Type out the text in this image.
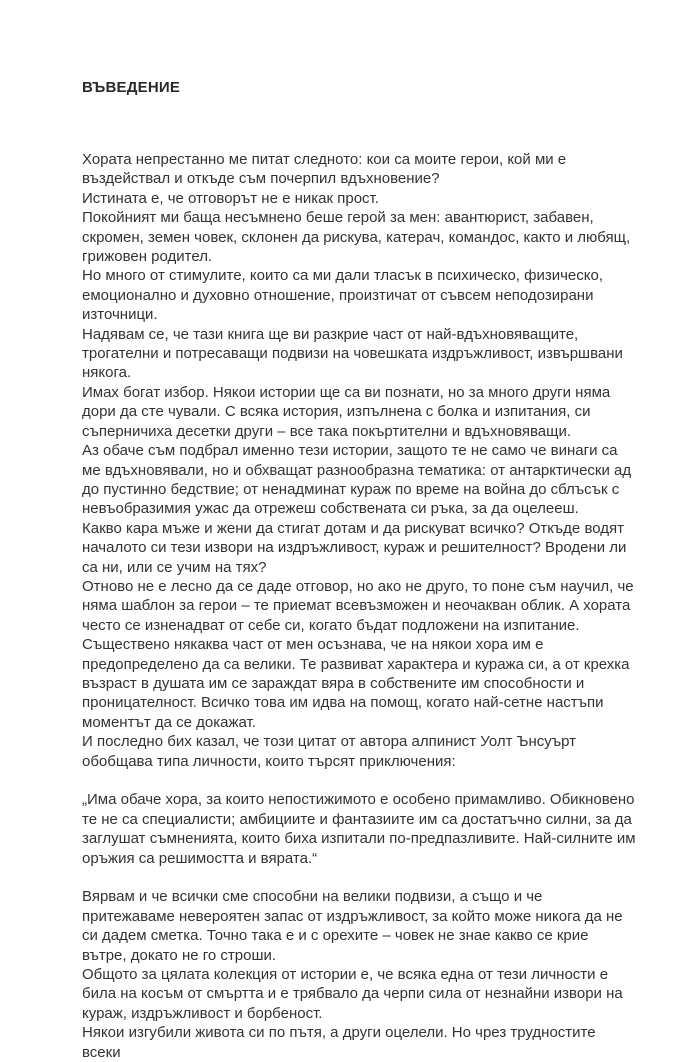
ВЪВЕДЕНИЕ

Хората непрестанно ме питат следното: кои са моите герои, кой ми е въздействал и откъде съм почерпил вдъхновение?

Истината е, че отговорът не е никак прост.

Покойният ми баща несъмнено беше герой за мен: авантюрист, забавен, скромен, земен човек, склонен да рискува, катерач, командос, както и любящ, грижовен родител.

Но много от стимулите, които са ми дали тласък в психическо, физическо, емоционално и духовно отношение, произтичат от съвсем неподозирани източници.

Надявам се, че тази книга ще ви разкрие част от най-вдъхновяващите, трогателни и потресаващи подвизи на човешката издръжливост, извършвани някога.

Имах богат избор. Някои истории ще са ви познати, но за много други няма дори да сте чували. С всяка история, изпълнена с болка и изпитания, си съперничиха десетки други – все така покъртителни и вдъхновяващи.

Аз обаче съм подбрал именно тези истории, защото те не само че винаги са ме вдъхновявали, но и обхващат разнообразна тематика: от антарктически ад до пустинно бедствие; от ненадминат кураж по време на война до сблъсък с невъобразимия ужас да отрежеш собствената си ръка, за да оцелееш.

Какво кара мъже и жени да стигат дотам и да рискуват всичко? Откъде водят началото си тези извори на издръжливост, кураж и решителност? Вродени ли са ни, или се учим на тях?

Отново не е лесно да се даде отговор, но ако не друго, то поне съм научил, че няма шаблон за герои – те приемат всевъзможен и неочакван облик. А хората често се изненадват от себе си, когато бъдат подложени на изпитание.

Съществено някаква част от мен осъзнава, че на някои хора им е предопределено да са велики. Те развиват характера и куража си, а от крехка възраст в душата им се зараждат вяра в собствените им способности и проницателност. Всичко това им идва на помощ, когато най-сетне настъпи моментът да се докажат.

И последно бих казал, че този цитат от автора алпинист Уолт Ънсуърт обобщава типа личности, които търсят приключения:

„Има обаче хора, за които непостижимото е особено примамливо. Обикновено те не са специалисти; амбициите и фантазиите им са достатъчно силни, за да заглушат съмненията, които биха изпитали по-предпазливите. Най-силните им оръжия са решимостта и вярата.“

Вярвам и че всички сме способни на велики подвизи, а също и че притежаваме невероятен запас от издръжливост, за който може никога да не си дадем сметка. Точно така е и с орехите – човек не знае какво се крие вътре, докато не го строши.

Общото за цялата колекция от истории е, че всяка една от тези личности е била на косъм от смъртта и е трябвало да черпи сила от незнайни извори на кураж, издръжливост и борбеност.

Някои изгубили живота си по пътя, а други оцелели. Но чрез трудностите всеки
